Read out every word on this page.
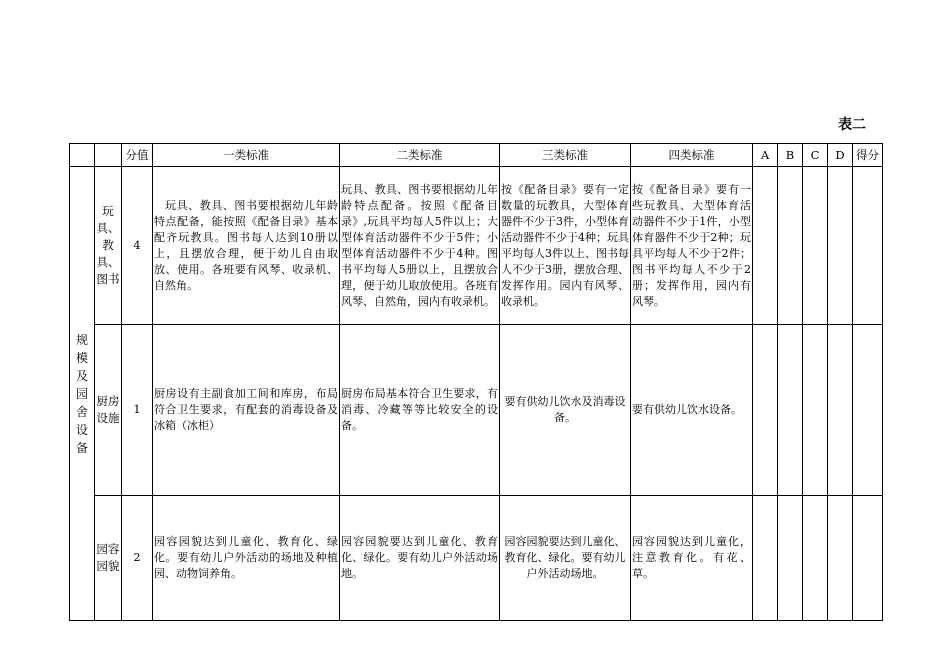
表二
		分值	一类标准	二类标准	三类标准	四类标准	A	B	C	D	得分

规模及园舍设备	玩具、教具、图书	4	玩具、教具、图书要根据幼儿年龄特点配备，能按照《配备目录》基本配齐玩教具。图书每人达到10册以上，且摆放合理，便于幼儿自由取放、使用。各班要有风琴、收录机、自然角。	玩具、教具、图书要根据幼儿年龄特点配备。按照《配备目录》,玩具平均每人5件以上；大型体育活动器件不少于5件；小型体育活动器件不少于4种。图书平均每人5册以上，且摆放合理，便于幼儿取放使用。各班有风琴、自然角，园内有收录机。	按《配备目录》要有一定数量的玩教具，大型体育器件不少于3件，小型体育活动器件不少于4种；玩具平均每人3件以上、图书每人不少于3册，摆放合理、发挥作用。园内有风琴、收录机。	按《配备目录》要有一些玩教具、大型体育活动器件不少于1件，小型体育器件不少于2种；玩具平均每人不少于2件；图书平均每人不少于2册；发挥作用，园内有风琴。					
	厨房设施	1	厨房设有主副食加工间和库房，布局符合卫生要求，有配套的消毒设备及冰箱（冰柜）	厨房布局基本符合卫生要求，有消毒、冷藏等等比较安全的设备。	要有供幼儿饮水及消毒设备。	要有供幼儿饮水设备。					
	园容园貌	2	园容园貌达到儿童化、教育化、绿化。要有幼儿户外活动的场地及种植园、动物饲养角。	园容园貌要达到儿童化、教育化、绿化。要有幼儿户外活动场地。	园容园貌要达到儿童化、教育化、绿化。要有幼儿户外活动场地。	园容园貌达到儿童化，注意教育化。有花、草。					
